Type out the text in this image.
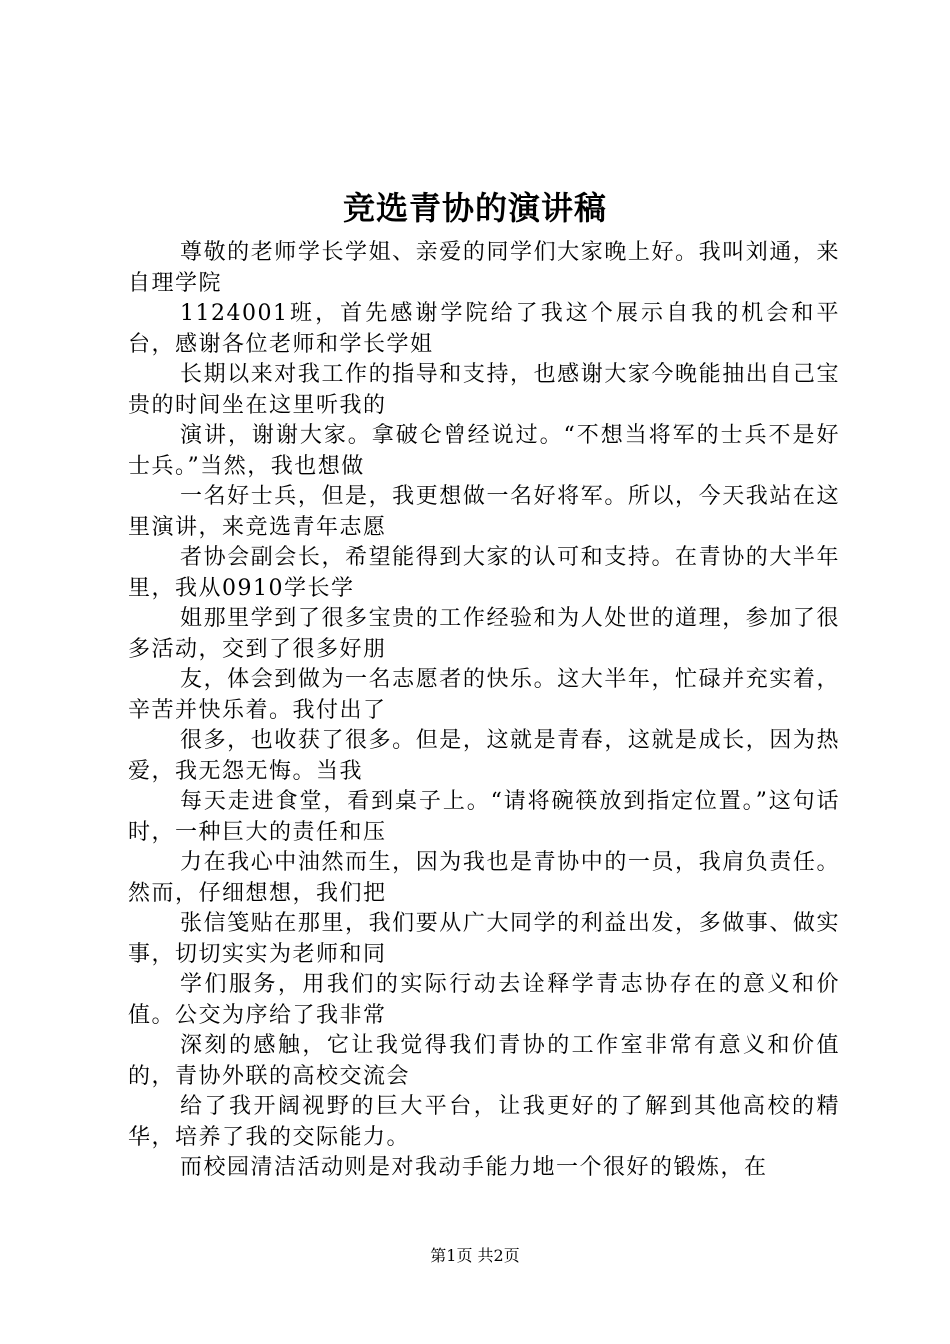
竞选青协的演讲稿

尊敬的老师学长学姐、亲爱的同学们大家晚上好。我叫刘通，来自理学院

1124001班，首先感谢学院给了我这个展示自我的机会和平台，感谢各位老师和学长学姐

长期以来对我工作的指导和支持，也感谢大家今晚能抽出自己宝贵的时间坐在这里听我的

演讲，谢谢大家。拿破仑曾经说过。“不想当将军的士兵不是好士兵。”当然，我也想做

一名好士兵，但是，我更想做一名好将军。所以，今天我站在这里演讲，来竞选青年志愿

者协会副会长，希望能得到大家的认可和支持。在青协的大半年里，我从0910学长学

姐那里学到了很多宝贵的工作经验和为人处世的道理，参加了很多活动，交到了很多好朋

友，体会到做为一名志愿者的快乐。这大半年，忙碌并充实着，辛苦并快乐着。我付出了

很多，也收获了很多。但是，这就是青春，这就是成长，因为热爱，我无怨无悔。当我

每天走进食堂，看到桌子上。“请将碗筷放到指定位置。”这句话时，一种巨大的责任和压

力在我心中油然而生，因为我也是青协中的一员，我肩负责任。然而，仔细想想，我们把

张信笺贴在那里，我们要从广大同学的利益出发，多做事、做实事，切切实实为老师和同

学们服务，用我们的实际行动去诠释学青志协存在的意义和价值。公交为序给了我非常

深刻的感触，它让我觉得我们青协的工作室非常有意义和价值的，青协外联的高校交流会

给了我开阔视野的巨大平台，让我更好的了解到其他高校的精华，培养了我的交际能力。

而校园清洁活动则是对我动手能力地一个很好的锻炼，在

第1页 共2页
